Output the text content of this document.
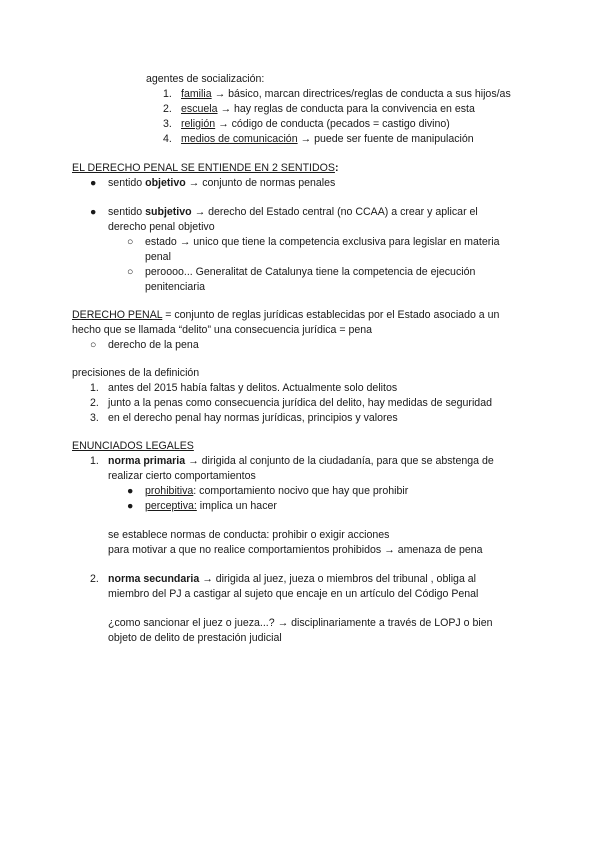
agentes de socialización:
1. familia → básico, marcan directrices/reglas de conducta a sus hijos/as
2. escuela → hay reglas de conducta para la convivencia en esta
3. religión → código de conducta (pecados = castigo divino)
4. medios de comunicación → puede ser fuente de manipulación
EL DERECHO PENAL SE ENTIENDE EN 2 SENTIDOS:
● sentido objetivo → conjunto de normas penales
● sentido subjetivo → derecho del Estado central (no CCAA) a crear y aplicar el
derecho penal objetivo
○ estado → unico que tiene la competencia exclusiva para legislar en materia
penal
○ peroooo... Generalitat de Catalunya tiene la competencia de ejecución
penitenciaria
DERECHO PENAL = conjunto de reglas jurídicas establecidas por el Estado asociado a un
hecho que se llamada “delito” una consecuencia jurídica = pena
○ derecho de la pena
precisiones de la definición
1. antes del 2015 había faltas y delitos. Actualmente solo delitos
2. junto a la penas como consecuencia jurídica del delito, hay medidas de seguridad
3. en el derecho penal hay normas jurídicas, principios y valores
ENUNCIADOS LEGALES
1. norma primaria → dirigida al conjunto de la ciudadanía, para que se abstenga de
realizar cierto comportamientos
● prohibitiva: comportamiento nocivo que hay que prohibir
● perceptiva: implica un hacer
se establece normas de conducta: prohibir o exigir acciones
para motivar a que no realice comportamientos prohibidos → amenaza de pena
2. norma secundaria → dirigida al juez, jueza o miembros del tribunal , obliga al
miembro del PJ a castigar al sujeto que encaje en un artículo del Código Penal
¿como sancionar el juez o jueza...? → disciplinariamente a través de LOPJ o bien
objeto de delito de prestación judicial
